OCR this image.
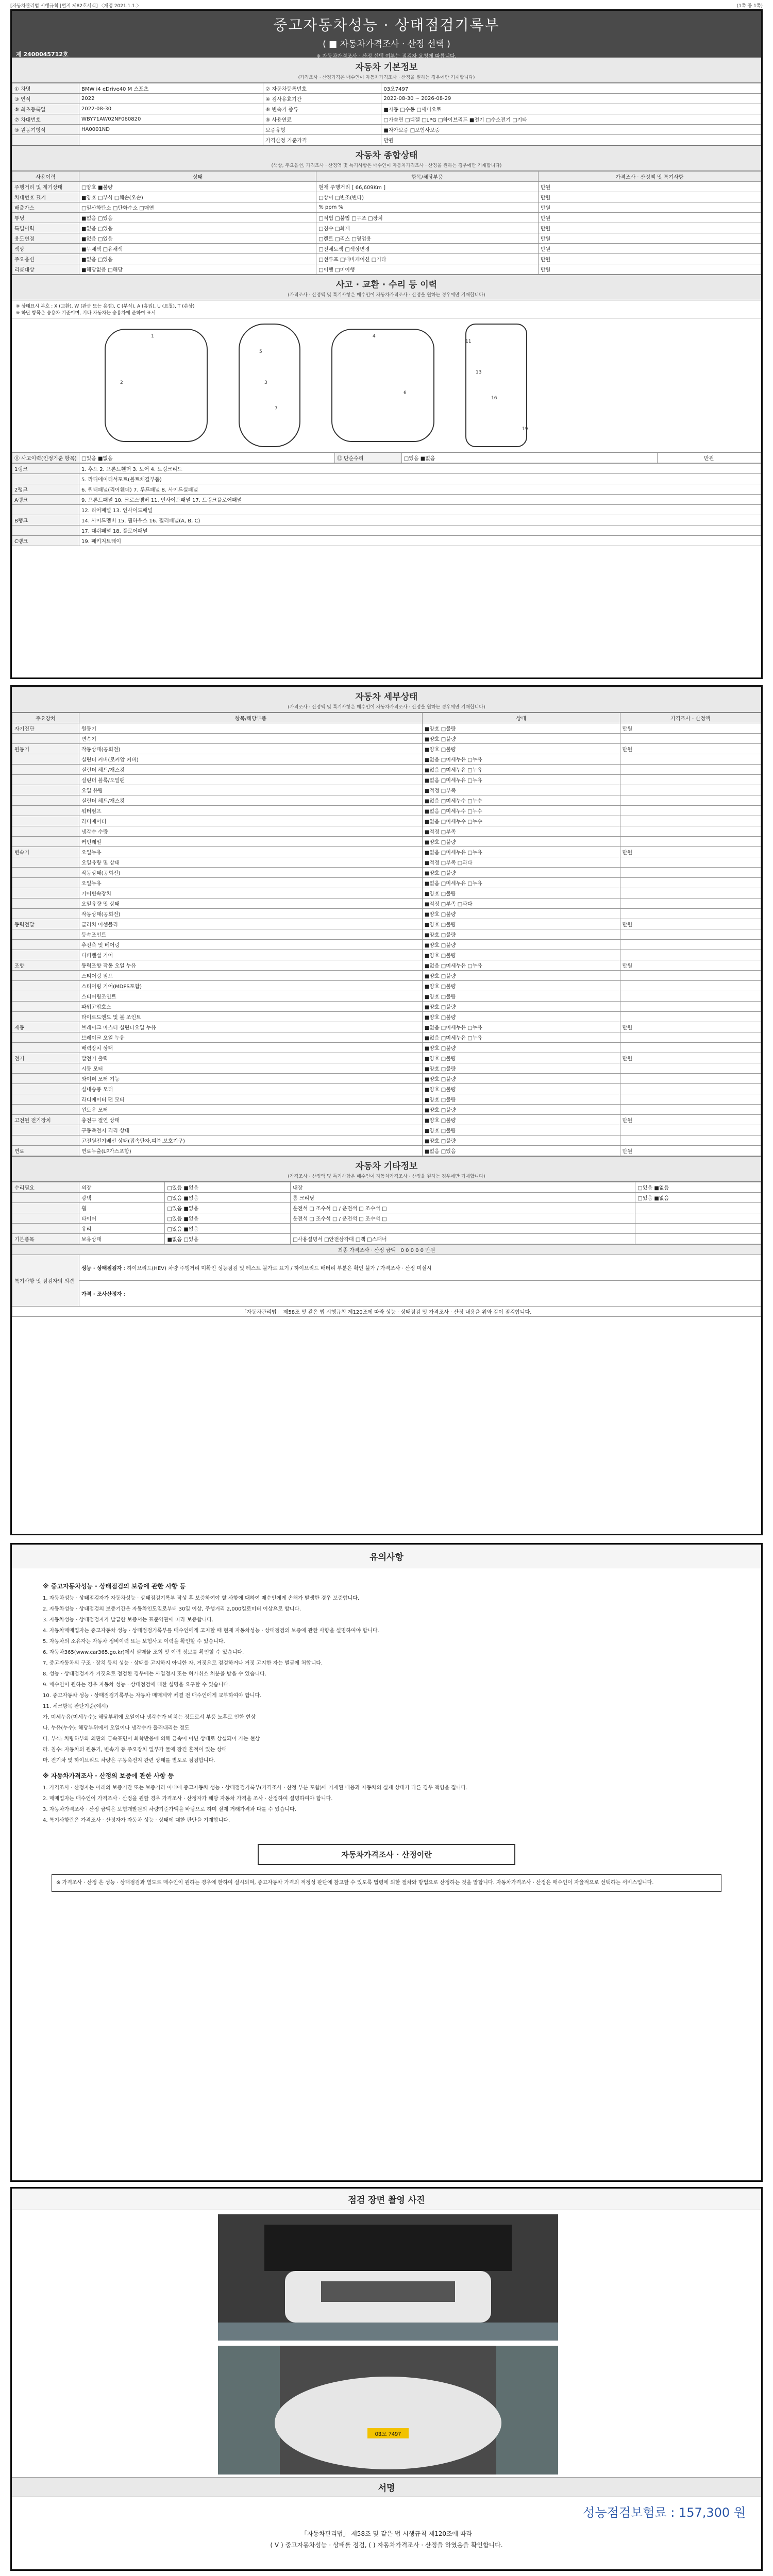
[자동차관리법 시행규칙 [별지 제82호서식] 〈개정 2021.1.1.〉	(1쪽 중 1쪽)
중고자동차성능 · 상태점검기록부
( ■ 자동차가격조사 · 산정 선택 )
※ 자동차가격조사 · 산정 선택 여부는 점검자 요청에 따릅니다.
제 2400045712호
자동차 기본정보
(가격조사 · 산정가격은 매수인이 자동차가격조사 · 산정을 원하는 경우에만 기재합니다)
① 차명	BMW i4 eDrive40 M 스포츠	② 자동차등록번호	03오7497
③ 연식	2022	④ 검사유효기간	2022-08-30 ~ 2026-08-29
⑤ 최초등록일	2022-08-30	⑥ 변속기 종류	■자동 □수동 □세미오토
⑦ 차대번호	WBY71AW02NF060820	⑧ 사용연료	□가솔린 □디젤 □LPG □하이브리드 ■전기 □수소전기 □기타
⑨ 원동기형식	HA0001ND	보증유형	■자가보증 □보험사보증
		가격산정 기준가격	만원
자동차 종합상태
(색상, 주요옵션, 가격조사 · 산정액 및 특기사항은 매수인이 자동차가격조사 · 산정을 원하는 경우에만 기재합니다)
사용이력	상태	항목/해당부품	가격조사 · 산정액 및 특기사항
주행거리 및 계기상태	□양호 ■불량	현재 주행거리 [ 66,609Km ]	만원
차대번호 표기	■양호 □부식 □훼손(오손)	□상이 □변조(변타)	만원
배출가스	□일산화탄소 □탄화수소 □매연	% ppm %	만원
튜닝	■없음 □있음	□적법 □불법 □구조 □장치	만원
특별이력	■없음 □있음	□침수 □화재	만원
용도변경	■없음 □있음	□렌트 □리스 □영업용	만원
색상	■무채색 □유채색	□전체도색 □색상변경	만원
주요옵션	■없음 □있음	□선루프 □내비게이션 □기타	만원
리콜대상	■해당없음 □해당	□이행 □미이행	만원
사고 · 교환 · 수리 등 이력
(가격조사 · 산정액 및 특기사항은 매수인이 자동차가격조사 · 산정을 원하는 경우에만 기재합니다)
※ 상태표시 부호 : X (교환), W (판금 또는 용접), C (부식), A (흠집), U (요철), T (손상)
※ 하단 항목은 승용차 기준이며, 기타 자동차는 승용차에 준하여 표시
1
2	3
4
5
6
7
11
13
16
19
⑪ 사고이력(인정기준 항목)	□있음 ■없음	⑫ 단순수리	□있음 ■없음	만원
1랭크	1. 후드 2. 프론트휀더 3. 도어 4. 트렁크리드
	5. 라디에이터서포트(볼트체결부품)
2랭크	6. 쿼터패널(리어휀더) 7. 루프패널 8. 사이드실패널
A랭크	9. 프론트패널 10. 크로스멤버 11. 인사이드패널 17. 트렁크플로어패널
	12. 리어패널 13. 인사이드패널
B랭크	14. 사이드멤버 15. 휠하우스 16. 필러패널(A, B, C)
	17. 대쉬패널 18. 플로어패널
C랭크	19. 패키지트레이
자동차 세부상태
(가격조사 · 산정액 및 특기사항은 매수인이 자동차가격조사 · 산정을 원하는 경우에만 기재합니다)
주요장치	항목/해당부품	상태	가격조사 · 산정액
자기진단	원동기	■양호 □불량	만원
	변속기	■양호 □불량	
원동기	작동상태(공회전)	■양호 □불량	만원
	실린더 커버(로커암 커버)	■없음 □미세누유 □누유	
	실린더 헤드/개스킷	■없음 □미세누유 □누유	
	실린더 블록/오일팬	■없음 □미세누유 □누유	
	오일 유량	■적정 □부족	
	실린더 헤드/개스킷	■없음 □미세누수 □누수	
	워터펌프	■없음 □미세누수 □누수	
	라디에이터	■없음 □미세누수 □누수	
	냉각수 수량	■적정 □부족	
	커먼레일	■양호 □불량	
변속기	오일누유	■없음 □미세누유 □누유	만원
	오일유량 및 상태	■적정 □부족 □과다	
	작동상태(공회전)	■양호 □불량	
	오일누유	■없음 □미세누유 □누유	
	기어변속장치	■양호 □불량	
	오일유량 및 상태	■적정 □부족 □과다	
	작동상태(공회전)	■양호 □불량	
동력전달	클러치 어셈블리	■양호 □불량	만원
	등속조인트	■양호 □불량	
	추진축 및 베어링	■양호 □불량	
	디퍼렌셜 기어	■양호 □불량	
조향	동력조향 작동 오일 누유	■없음 □미세누유 □누유	만원
	스티어링 펌프	■양호 □불량	
	스티어링 기어(MDPS포함)	■양호 □불량	
	스티어링조인트	■양호 □불량	
	파워고압호스	■양호 □불량	
	타이로드엔드 및 볼 조인트	■양호 □불량	
제동	브레이크 마스터 실린더오일 누유	■없음 □미세누유 □누유	만원
	브레이크 오일 누유	■없음 □미세누유 □누유	
	배력장치 상태	■양호 □불량	
전기	발전기 출력	■양호 □불량	만원
	시동 모터	■양호 □불량	
	와이퍼 모터 기능	■양호 □불량	
	실내송풍 모터	■양호 □불량	
	라디에이터 팬 모터	■양호 □불량	
	윈도우 모터	■양호 □불량	
고전원 전기장치	충전구 절연 상태	■양호 □불량	만원
	구동축전지 격리 상태	■양호 □불량	
	고전원전기배선 상태(접속단자,피복,보호기구)	■양호 □불량	
연료	연료누출(LP가스포함)	■없음 □있음	만원
자동차 기타정보
(가격조사 · 산정액 및 특기사항은 매수인이 자동차가격조사 · 산정을 원하는 경우에만 기재합니다)
수리필요	외장	□있음 ■없음	내장	□있음 ■없음
	광택	□있음 ■없음	룸 크리닝	□있음 ■없음
	휠	□있음 ■없음	운전석 □ 조수석 □ / 운전석 □ 조수석 □	
	타이어	□있음 ■없음	운전석 □ 조수석 □ / 운전석 □ 조수석 □	
	유리	□있음 ■없음		
기본품목	보유상태	■없음 □있음	□사용설명서 □안전삼각대 □잭 □스패너	
최종 가격조사 · 산정 금액 0 0 0 0 0 만원
특기사항 및 점검자의 의견	성능 · 상태점검자 : 하이브리드(HEV) 차량 주행거리 미확인 성능점검 및 테스트 불가로 표기 / 하이브리드 배터리 부분은 확인 불가 / 가격조사 · 산정 미실시
가격 · 조사산정자 :
「자동차관리법」 제58조 및 같은 법 시행규칙 제120조에 따라 성능 · 상태점검 및 가격조사 · 산정 내용을 위와 같이 점검합니다.
유의사항
※ 중고자동차성능 · 상태점검의 보증에 관한 사항 등

1. 자동차성능 · 상태점검자가 자동차성능 · 상태점검기록부 작성 후 보증하여야 할 사항에 대하여 매수인에게 손해가 발생한 경우 보증합니다.

2. 자동차성능 · 상태점검의 보증기간은 자동차인도일로부터 30일 이상, 주행거리 2,000킬로미터 이상으로 합니다.

3. 자동차성능 · 상태점검자가 발급한 보증서는 표준약관에 따라 보증합니다.

4. 자동차매매업자는 중고자동차 성능 · 상태점검기록부를 매수인에게 고지할 때 현재 자동차성능 · 상태점검의 보증에 관한 사항을 설명하여야 합니다.

5. 자동차의 소유자는 자동차 정비이력 또는 보험사고 이력을 확인할 수 있습니다.

6. 자동차365(www.car365.go.kr)에서 실매물 조회 및 이력 정보를 확인할 수 있습니다.

7. 중고자동차의 구조 · 장치 등의 성능 · 상태를 고지하지 아니한 자, 거짓으로 점검하거나 거짓 고지한 자는 벌금에 처합니다.

8. 성능 · 상태점검자가 거짓으로 점검한 경우에는 사업정지 또는 허가취소 처분을 받을 수 있습니다.

9. 매수인이 원하는 경우 자동차 성능 · 상태점검에 대한 설명을 요구할 수 있습니다.

10. 중고자동차 성능 · 상태점검기록부는 자동차 매매계약 체결 전 매수인에게 교부하여야 합니다.

11. 체크항목 판단기준(예시)

가. 미세누유(미세누수): 해당부위에 오일이나 냉각수가 비치는 정도로서 부품 노후로 인한 현상

나. 누유(누수): 해당부위에서 오일이나 냉각수가 흘러내리는 정도

다. 부식: 차량하부와 외판의 금속표면이 화학반응에 의해 금속이 아닌 상태로 상실되어 가는 현상

라. 침수: 자동차의 원동기, 변속기 등 주요장치 일부가 물에 잠긴 흔적이 있는 상태

마. 전기차 및 하이브리드 차량은 구동축전지 관련 상태를 별도로 점검합니다.

※ 자동차가격조사 · 산정의 보증에 관한 사항 등

1. 가격조사 · 산정자는 아래의 보증기간 또는 보증거리 이내에 중고자동차 성능 · 상태점검기록부(가격조사 · 산정 부분 포함)에 기재된 내용과 자동차의 실제 상태가 다른 경우 책임을 집니다.

2. 매매업자는 매수인이 가격조사 · 산정을 원할 경우 가격조사 · 산정자가 해당 자동차 가격을 조사 · 산정하여 설명하여야 합니다.

3. 자동차가격조사 · 산정 금액은 보험개발원의 차량기준가액을 바탕으로 하며 실제 거래가격과 다를 수 있습니다.

4. 특기사항란은 가격조사 · 산정자가 자동차 성능 · 상태에 대한 판단을 기재합니다.

자동차가격조사 · 산정이란
※ 가격조사 · 산정 은 성능 · 상태점검과 별도로 매수인이 원하는 경우에 한하여 실시되며, 중고자동차 가격의 적정성 판단에 참고할 수 있도록 법령에 의한 절차와 방법으로 산정하는 것을 말합니다. 자동차가격조사 · 산정은 매수인이 자율적으로 선택하는 서비스입니다.
점검 장면 촬영 사진
03오 7497
서명
성능점검보험료 : 157,300 원
「자동차관리법」 제58조 및 같은 법 시행규칙 제120조에 따라
( V ) 중고자동차성능 · 상태를 점검, ( ) 자동차가격조사 · 산정을 하였음을 확인합니다.
